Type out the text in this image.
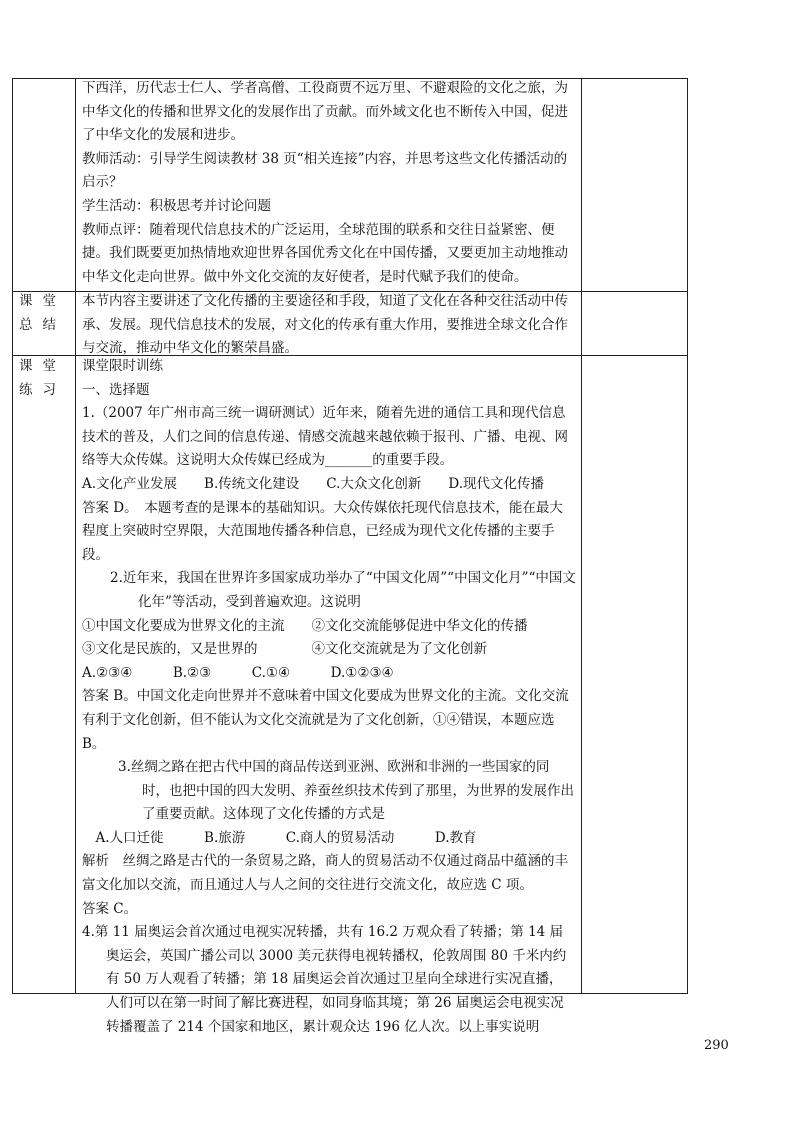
下西洋，历代志士仁人、学者高僧、工役商贾不远万里、不避艰险的文化之旅，为中华文化的传播和世界文化的发展作出了贡献。而外域文化也不断传入中国，促进了中华文化的发展和进步。

教师活动：引导学生阅读教材 38 页“相关连接”内容，并思考这些文化传播活动的启示？

学生活动：积极思考并讨论问题

教师点评：随着现代信息技术的广泛运用，全球范围的联系和交往日益紧密、便捷。我们既要更加热情地欢迎世界各国优秀文化在中国传播，又要更加主动地推动中华文化走向世界。做中外文化交流的友好使者，是时代赋予我们的使命。

课堂总结

本节内容主要讲述了文化传播的主要途径和手段，知道了文化在各种交往活动中传承、发展。现代信息技术的发展，对文化的传承有重大作用，要推进全球文化合作与交流，推动中华文化的繁荣昌盛。

课堂练习

课堂限时训练

一、选择题

1.（2007 年广州市高三统一调研测试）近年来，随着先进的通信工具和现代信息技术的普及，人们之间的信息传递、情感交流越来越依赖于报刊、广播、电视、网络等大众传媒。这说明大众传媒已经成为_______的重要手段。

A.文化产业发展　　B.传统文化建设　　C.大众文化创新　　D.现代文化传播

答案 D。　本题考查的是课本的基础知识。大众传媒依托现代信息技术，能在最大程度上突破时空界限，大范围地传播各种信息，已经成为现代文化传播的主要手段。

2.近年来，我国在世界许多国家成功举办了“中国文化周”“中国文化月”“中国文化年”等活动，受到普遍欢迎。这说明

①中国文化要成为世界文化的主流　　②文化交流能够促进中华文化的传播

③文化是民族的，又是世界的　　　　④文化交流就是为了文化创新

A.②③④　　　B.②③　　　C.①④　　　D.①②③④

答案 B。中国文化走向世界并不意味着中国文化要成为世界文化的主流。文化交流有利于文化创新，但不能认为文化交流就是为了文化创新，①④错误，本题应选 B。

3.丝绸之路在把古代中国的商品传送到亚洲、欧洲和非洲的一些国家的同时，也把中国的四大发明、养蚕丝织技术传到了那里，为世界的发展作出了重要贡献。这体现了文化传播的方式是

　A.人口迁徙　　　B.旅游　　　C.商人的贸易活动　　　D.教育

解析　丝绸之路是古代的一条贸易之路，商人的贸易活动不仅通过商品中蕴涵的丰富文化加以交流，而且通过人与人之间的交往进行交流文化，故应选 C 项。

答案 C。

4.第 11 届奥运会首次通过电视实况转播，共有 16.2 万观众看了转播；第 14 届奥运会，英国广播公司以 3000 美元获得电视转播权，伦敦周围 80 千米内约有 50 万人观看了转播；第 18 届奥运会首次通过卫星向全球进行实况直播，人们可以在第一时间了解比赛进程，如同身临其境；第 26 届奥运会电视实况转播覆盖了 214 个国家和地区，累计观众达 196 亿人次。以上事实说明

290
